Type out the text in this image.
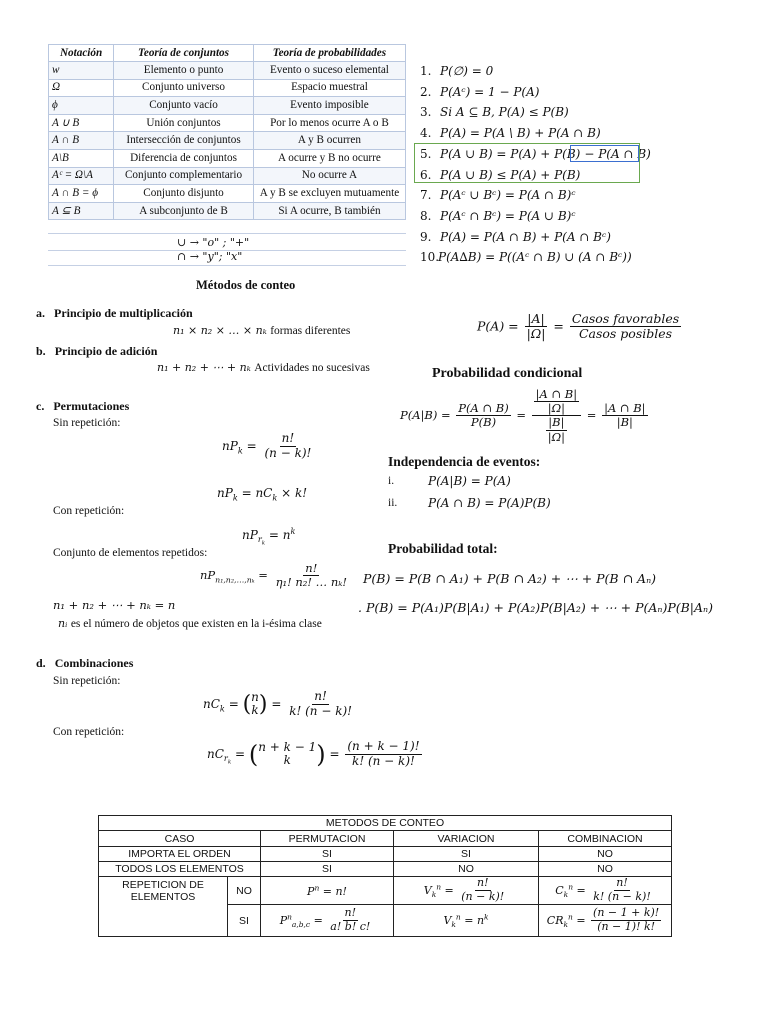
Notación	Teoría de conjuntos	Teoría de probabilidades
w	Elemento o punto	Evento o suceso elemental
Ω	Conjunto universo	Espacio muestral
ϕ	Conjunto vacío	Evento imposible
A ∪ B	Unión conjuntos	Por lo menos ocurre A o B
A ∩ B	Intersección de conjuntos	A y B ocurren
A\B	Diferencia de conjuntos	A ocurre y B no ocurre
Aᶜ = Ω\A	Conjunto complementario	No ocurre A
A ∩ B = ϕ	Conjunto disjunto	A y B se excluyen mutuamente
A ⊆ B	A subconjunto de B	Si A ocurre, B también
∪ → "o" ; "+"
∩ → "y"; "x"
1. P(∅) = 0
2. P(Aᶜ) = 1 − P(A)
3. Si A ⊆ B, P(A) ≤ P(B)
4. P(A) = P(A \ B) + P(A ∩ B)
5. P(A ∪ B) = P(A) + P(B) − P(A ∩ B)
6. P(A ∪ B) ≤ P(A) + P(B)
7. P(Aᶜ ∪ Bᶜ) = P(A ∩ B)ᶜ
8. P(Aᶜ ∩ Bᶜ) = P(A ∪ B)ᶜ
9. P(A) = P(A ∩ B) + P(A ∩ Bᶜ)
10.P(A∆B) = P((Aᶜ ∩ B) ∪ (A ∩ Bᶜ))
Métodos de conteo
a. Principio de multiplicación
n₁ × n₂ × … × nₖ formas diferentes
b. Principio de adición
n₁ + n₂ + ⋯ + nₖ Actividades no sucesivas
c. Permutaciones
Sin repetición:
$nP_k = \frac{n!}{(n - k)!}$
$nP_k = nC_k \times k$!
Con repetición:
$nP_{r_k} = n^k$
Conjunto de elementos repetidos:
$nP_{n_1,n_2,\dots,n_k} = \frac{n!}{\text{η₁! n₂! … nₖ!}}$
n₁ + n₂ + ⋯ + nₖ = n
nᵢ es el número de objetos que existen en la i-ésima clase
d. Combinaciones
Sin repetición:
$nC_k$ = ( n
k ) = $\frac{n!}{k! (n - k)!}$
Con repetición:
$nC_{r_k}$ = ( n + k − 1
k ) = $\frac{(n + k - 1)!}{k! (n - k)!}$
$P(A) = \frac{|A|}{|\Omega|} = \frac{\text{Casos favorables}}{\text{Casos posibles}}$
Probabilidad condicional
$P(A|B) = \frac{P(A \cap B)}{P(B)} = \frac{\frac{|A \cap B|}{|\Omega|}}{\frac{|B|}{|\Omega|}} = \frac{|A \cap B|}{|B|}$
Independencia de eventos:
i.	P(A|B) = P(A)
ii.	P(A ∩ B) = P(A)P(B)
Probabilidad total:
P(B) = P(B ∩ A₁) + P(B ∩ A₂) + ⋯ + P(B ∩ Aₙ)
. P(B) = P(A₁)P(B|A₁) + P(A₂)P(B|A₂) + ⋯ + P(Aₙ)P(B|Aₙ)
METODOS DE CONTEO				
CASO		PERMUTACION	VARIACION	COMBINACION
IMPORTA EL ORDEN		SI	SI	NO
TODOS LOS ELEMENTOS		SI	NO	NO
REPETICION DE ELEMENTOS	NO	$P^n = n$!	$V_k^n = \frac{n!}{(n - k)!}$	$C_k^n = \frac{n!}{k! (n - k)!}$

	SI	$P^n_{a,b,c} = \frac{n!}{a! b! c!}$	$V_k^n = n^k$	$CR_k^n = \frac{(n - 1 + k)!}{(n - 1)! k!}$
